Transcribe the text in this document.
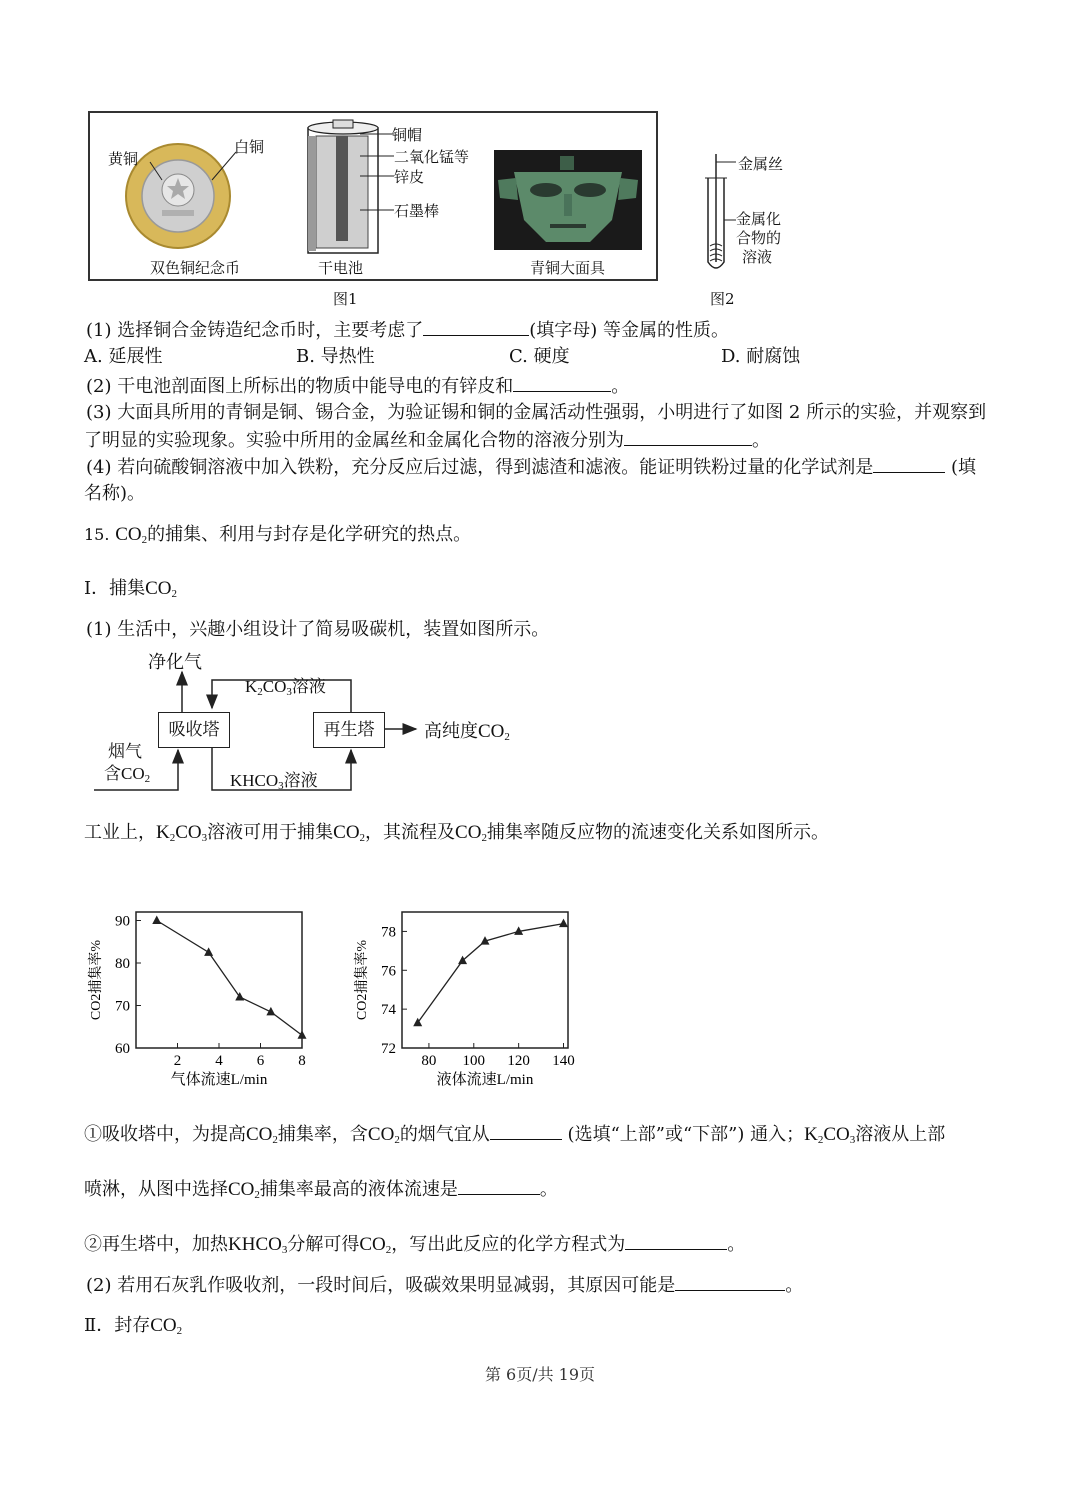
黄铜
白铜
双色铜纪念币
铜帽
二氧化锰等
锌皮
石墨棒
干电池	青铜大面具
图1
金属丝
金属化
合物的
溶液
图2
(1) 选择铜合金铸造纪念币时，主要考虑了	(填字母) 等金属的性质。
A. 延展性	B. 导热性	C. 硬度	D. 耐腐蚀
(2) 干电池剖面图上所标出的物质中能导电的有锌皮和	。
(3) 大面具所用的青铜是铜、锡合金，为验证锡和铜的金属活动性强弱，小明进行了如图 2 所示的实验，并观察到
了明显的实验现象。实验中所用的金属丝和金属化合物的溶液分别为	。
(4) 若向硫酸铜溶液中加入铁粉，充分反应后过滤，得到滤渣和滤液。能证明铁粉过量的化学试剂是	(填
名称)。
15. $CO_2$的捕集、利用与封存是化学研究的热点。
Ⅰ．捕集$CO_2$
(1) 生活中，兴趣小组设计了简易吸碳机，装置如图所示。
吸收塔	再生塔
净化气
$K_2CO_3$溶液
高纯度$CO_2$
烟气
含$CO_2$	$KHCO_3$溶液
工业上，$K_2CO_3$溶液可用于捕集$CO_2$，其流程及$CO_2$捕集率随反应物的流速变化关系如图所示。
60
70
80
90
2 4 6 8
气体流速L/min
CO2捕集率%
72
74
76
78
80 100 120 140
液体流速L/min
CO2捕集率%
①吸收塔中，为提高$CO_2$捕集率，含$CO_2$的烟气宜从	(选填“上部”或“下部”) 通入；$K_2CO_3$溶液从上部
喷淋，从图中选择$CO_2$捕集率最高的液体流速是	。
②再生塔中，加热$KHCO_3$分解可得$CO_2$，写出此反应的化学方程式为	。
(2) 若用石灰乳作吸收剂，一段时间后，吸碳效果明显减弱，其原因可能是	。
Ⅱ．封存$CO_2$
第 6页/共 19页
